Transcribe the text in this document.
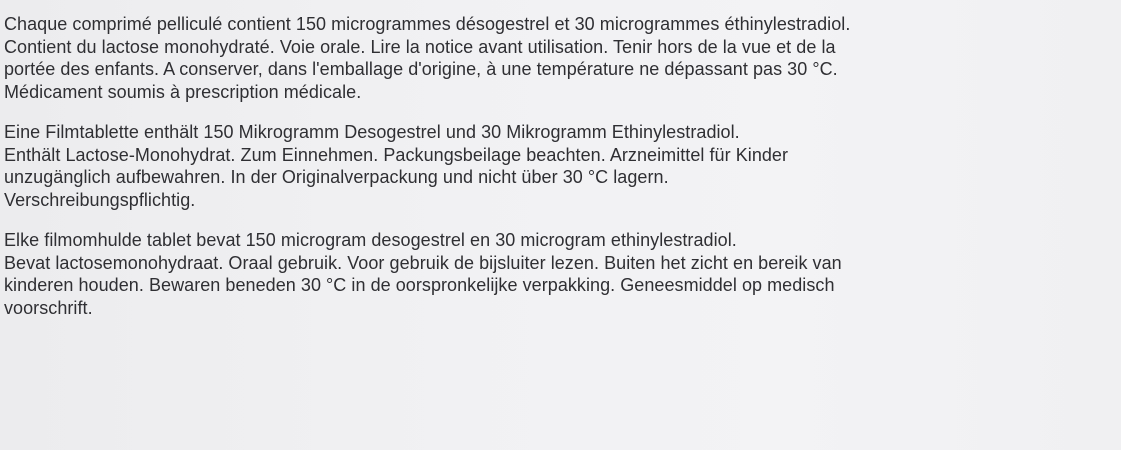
Chaque comprimé pelliculé contient 150 microgrammes désogestrel et 30 microgrammes éthinylestradiol.
Contient du lactose monohydraté. Voie orale. Lire la notice avant utilisation. Tenir hors de la vue et de la
portée des enfants. A conserver, dans l'emballage d'origine, à une température ne dépassant pas 30 °C.
Médicament soumis à prescription médicale.
Eine Filmtablette enthält 150 Mikrogramm Desogestrel und 30 Mikrogramm Ethinylestradiol.
Enthält Lactose-Monohydrat. Zum Einnehmen. Packungsbeilage beachten. Arzneimittel für Kinder
unzugänglich aufbewahren. In der Originalverpackung und nicht über 30 °C lagern.
Verschreibungspflichtig.
Elke filmomhulde tablet bevat 150 microgram desogestrel en 30 microgram ethinylestradiol.
Bevat lactosemonohydraat. Oraal gebruik. Voor gebruik de bijsluiter lezen. Buiten het zicht en bereik van
kinderen houden. Bewaren beneden 30 °C in de oorspronkelijke verpakking. Geneesmiddel op medisch
voorschrift.
